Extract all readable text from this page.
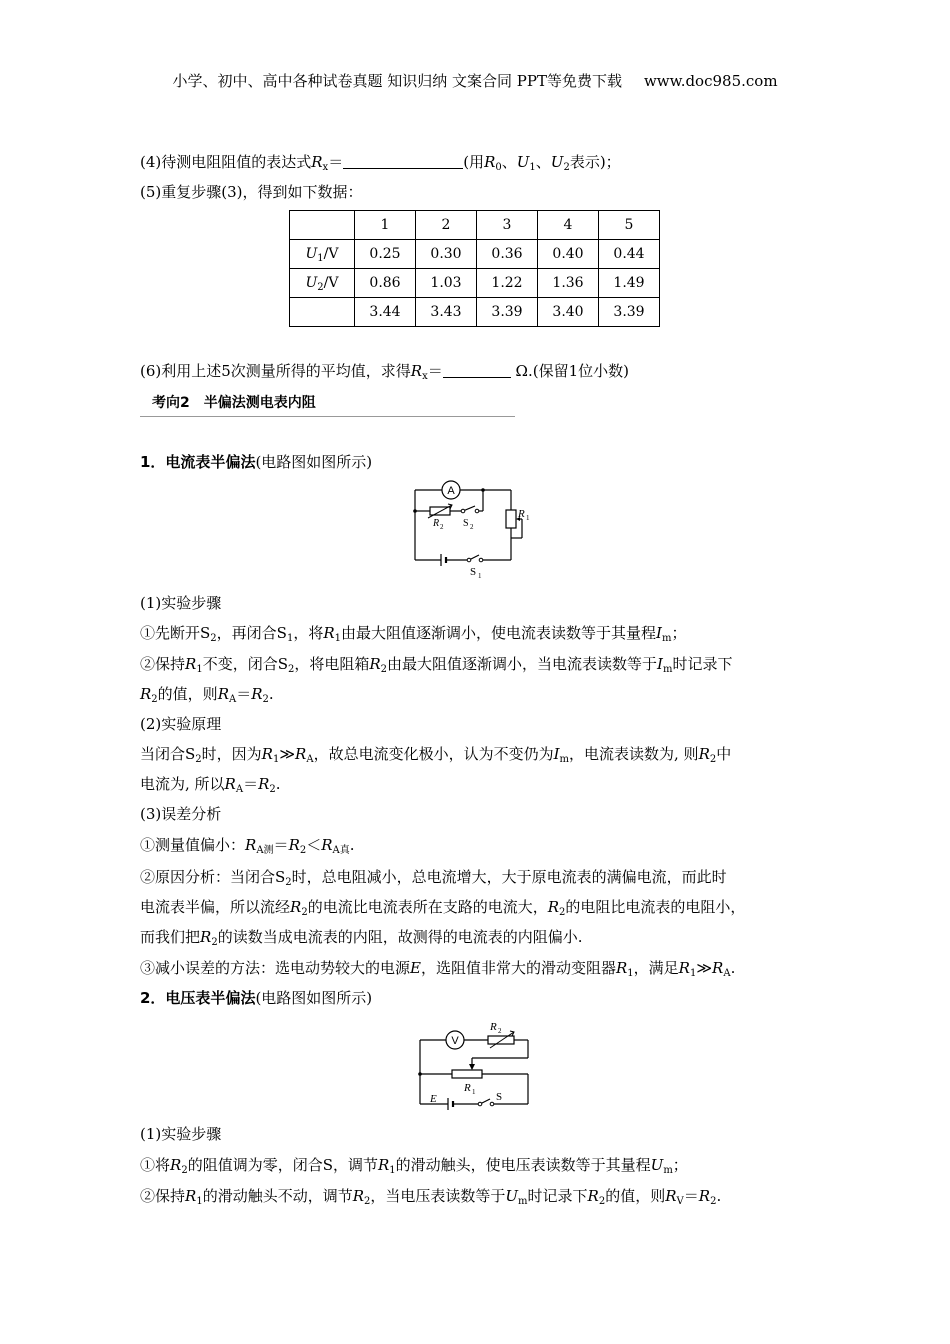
小学、初中、高中各种试卷真题 知识归纳 文案合同 PPT等免费下载 www.doc985.com
(4)待测电阻阻值的表达式$R_x=$	(用$R_0$、$U_1$、$U_2$表示)；
(5)重复步骤(3)，得到如下数据：
	1	2	3	4	5
$U_1/V$	0.25	0.30	0.36	0.40	0.44
$U_2/V$	0.86	1.03	1.22	1.36	1.49
	3.44	3.43	3.39	3.40	3.39
(6)利用上述5次测量所得的平均值，求得$R_x=$	Ω.(保留1位小数)
考向2　半偏法测电表内阻
1．电流表半偏法(电路图如图所示)
A
R 2 S 2
R 1
S 1
(1)实验步骤
①先断开$S_2$，再闭合$S_1$，将$R_1$由最大阻值逐渐调小，使电流表读数等于其量程$I_m$；
②保持$R_1$不变，闭合$S_2$，将电阻箱$R_2$由最大阻值逐渐调小，当电流表读数等于$I_m$时记录下
$R_2$的值，则$R_A=R_2$.
(2)实验原理
当闭合$S_2$时，因为$R_1≫R_A$，故总电流变化极小，认为不变仍为$I_m$，电流表读数为, 则$R_2$中
电流为, 所以$R_A=R_2$.
(3)误差分析
①测量值偏小：$R_{A测}=R_2<R_{A真}$.
②原因分析：当闭合$S_2$时，总电阻减小，总电流增大，大于原电流表的满偏电流，而此时
电流表半偏，所以流经$R_2$的电流比电流表所在支路的电流大，$R_2$的电阻比电流表的电阻小，
而我们把$R_2$的读数当成电流表的内阻，故测得的电流表的内阻偏小.
③减小误差的方法：选电动势较大的电源E，选阻值非常大的滑动变阻器$R_1$，满足$R_1≫R_A$.
2．电压表半偏法(电路图如图所示)
V
R 2
R 1
E	S
(1)实验步骤
①将$R_2$的阻值调为零，闭合S，调节$R_1$的滑动触头，使电压表读数等于其量程$U_m$；
②保持$R_1$的滑动触头不动，调节$R_2$，当电压表读数等于$U_m$时记录下$R_2$的值，则$R_V=R_2$.
